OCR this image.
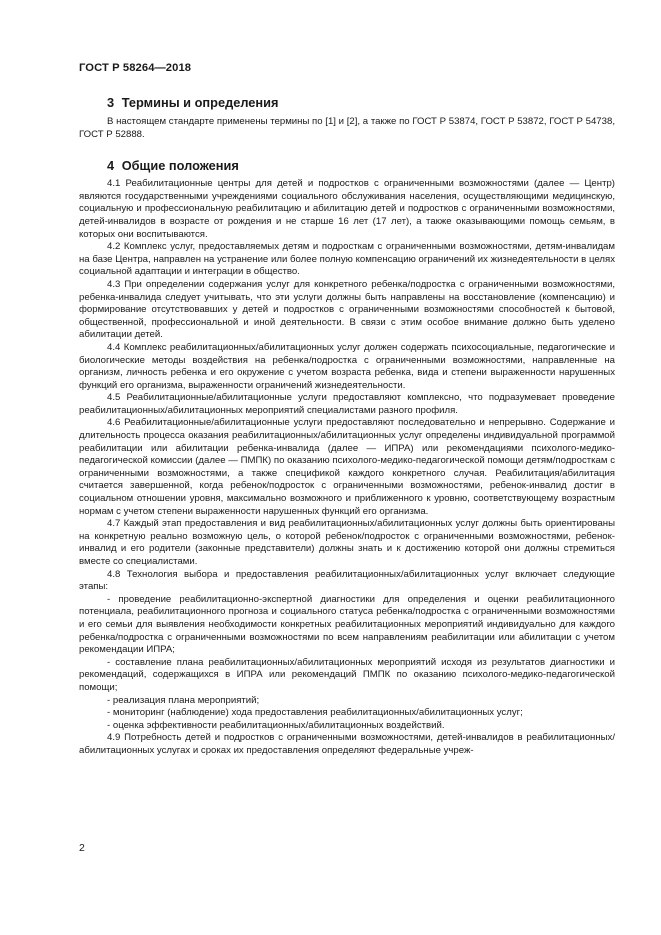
ГОСТ Р 58264—2018
3 Термины и определения

В настоящем стандарте применены термины по [1] и [2], а также по ГОСТ Р 53874, ГОСТ Р 53872, ГОСТ Р 54738, ГОСТ Р 52888.

4 Общие положения

4.1 Реабилитационные центры для детей и подростков с ограниченными возможностями (далее — Центр) являются государственными учреждениями социального обслуживания населения, осуществляющими медицинскую, социальную и профессиональную реабилитацию и абилитацию детей и подростков с ограниченными возможностями, детей-инвалидов в возрасте от рождения и не старше 16 лет (17 лет), а также оказывающими помощь семьям, в которых они воспитываются.

4.2 Комплекс услуг, предоставляемых детям и подросткам с ограниченными возможностями, детям-инвалидам на базе Центра, направлен на устранение или более полную компенсацию ограничений их жизнедеятельности в целях социальной адаптации и интеграции в общество.

4.3 При определении содержания услуг для конкретного ребенка/подростка с ограниченными возможностями, ребенка-инвалида следует учитывать, что эти услуги должны быть направлены на восстановление (компенсацию) и формирование отсутствовавших у детей и подростков с ограниченными возможностями способностей к бытовой, общественной, профессиональной и иной деятельности. В связи с этим особое внимание должно быть уделено абилитации детей.

4.4 Комплекс реабилитационных/абилитационных услуг должен содержать психосоциальные, педагогические и биологические методы воздействия на ребенка/подростка с ограниченными возможностями, направленные на организм, личность ребенка и его окружение с учетом возраста ребенка, вида и степени выраженности нарушенных функций его организма, выраженности ограничений жизнедеятельности.

4.5 Реабилитационные/абилитационные услуги предоставляют комплексно, что подразумевает проведение реабилитационных/абилитационных мероприятий специалистами разного профиля.

4.6 Реабилитационные/абилитационные услуги предоставляют последовательно и непрерывно. Содержание и длительность процесса оказания реабилитационных/абилитационных услуг определены индивидуальной программой реабилитации или абилитации ребенка-инвалида (далее — ИПРА) или рекомендациями психолого-медико-педагогической комиссии (далее — ПМПК) по оказанию психолого-медико-педагогической помощи детям/подросткам с ограниченными возможностями, а также спецификой каждого конкретного случая. Реабилитация/абилитация считается завершенной, когда ребенок/подросток с ограниченными возможностями, ребенок-инвалид достиг в социальном отношении уровня, максимально возможного и приближенного к уровню, соответствующему возрастным нормам с учетом степени выраженности нарушенных функций его организма.

4.7 Каждый этап предоставления и вид реабилитационных/абилитационных услуг должны быть ориентированы на конкретную реально возможную цель, о которой ребенок/подросток с ограниченными возможностями, ребенок-инвалид и его родители (законные представители) должны знать и к достижению которой они должны стремиться вместе со специалистами.

4.8 Технология выбора и предоставления реабилитационных/абилитационных услуг включает следующие этапы:

- проведение реабилитационно-экспертной диагностики для определения и оценки реабилитационного потенциала, реабилитационного прогноза и социального статуса ребенка/подростка с ограниченными возможностями и его семьи для выявления необходимости конкретных реабилитационных мероприятий индивидуально для каждого ребенка/подростка с ограниченными возможностями по всем направлениям реабилитации или абилитации с учетом рекомендации ИПРА;

- составление плана реабилитационных/абилитационных мероприятий исходя из результатов диагностики и рекомендаций, содержащихся в ИПРА или рекомендаций ПМПК по оказанию психолого-медико-педагогической помощи;

- реализация плана мероприятий;

- мониторинг (наблюдение) хода предоставления реабилитационных/абилитационных услуг;

- оценка эффективности реабилитационных/абилитационных воздействий.

4.9 Потребность детей и подростков с ограниченными возможностями, детей-инвалидов в реабилитационных/абилитационных услугах и сроках их предоставления определяют федеральные учреж-

2
